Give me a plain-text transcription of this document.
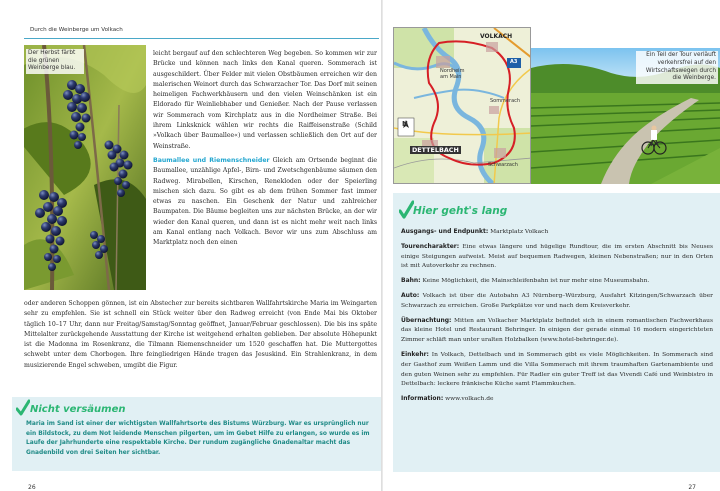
Durch die Weinberge um Volkach
Der Herbst färbt die grünen Weinberge blau.

leicht bergauf auf den schlechteren Weg begeben. So kommen wir zur Brücke und können nach links den Kanal queren. Sommerach ist ausgeschildert. Über Felder mit vielen Obstbäumen erreichen wir den malerischen Weinort durch das Schwarzacher Tor. Das Dorf mit seinen heimeligen Fachwerkhäusern und den vielen Weinschänken ist ein Eldorado für Weinliebhaber und Genießer. Nach der Pause verlassen wir Sommerach vom Kirchplatz aus in die Nordheimer Straße. Bei ihrem Linksknick wählen wir rechts die Raiffeisenstraße (Schild »Volkach über Baumallee«) und verlassen schließlich den Ort auf der Weinstraße.

Baumallee und Riemenschneider Gleich am Ortsende beginnt die Baumallee, unzählige Apfel-, Birn- und Zwetschgenbäume säumen den Radweg. Mirabellen, Kirschen, Renekloden oder der Speierling mischen sich dazu. So gibt es ab dem frühen Sommer fast immer etwas zu naschen. Ein Geschenk der Natur und zahlreicher Baumpaten. Die Bäume begleiten uns zur nächsten Brücke, an der wir wieder den Kanal queren, und dann ist es nicht mehr weit nach links am Kanal entlang nach Volkach. Bevor wir uns zum Abschluss am Marktplatz noch den einen

oder anderen Schoppen gönnen, ist ein Abstecher zur bereits sichtbaren Wallfahrtskirche Maria im Weingarten sehr zu empfehlen. Sie ist schnell ein Stück weiter über den Radweg erreicht (von Ende Mai bis Oktober täglich 10–17 Uhr, dann nur Freitag/Samstag/Sonntag geöffnet, Januar/Februar geschlossen). Die bis ins späte Mittelalter zurückgehende Ausstattung der Kirche ist weitgehend erhalten geblieben. Der absolute Höhepunkt ist die Madonna im Rosenkranz, die Tilmann Riemenschneider um 1520 geschaffen hat. Die Muttergottes schwebt unter dem Chorbogen. Ihre feingliedrigen Hände tragen das Jesuskind. Ein Strahlenkranz, in dem musizierende Engel schweben, umgibt die Figur.
Nicht versäumen
Maria im Sand ist einer der wichtigsten Wallfahrtsorte des Bistums Würzburg. War es ursprünglich nur ein Bildstock, zu dem Not leidende Menschen pilgerten, um im Gebet Hilfe zu erlangen, so wurde es im Laufe der Jahrhunderte eine respektable Kirche. Der rundum zugängliche Gnadenaltar macht das Gnadenbild von drei Seiten her sichtbar.
26
VOLKACH
Nordheim am Main
A3
Sommerach
N
DETTELBACH
Schwarzach
Ein Teil der Tour verläuft verkehrsfrei auf den Wirtschaftswegen durch die Weinberge.
Hier geht's lang

Ausgangs- und Endpunkt: Marktplatz Volkach

Tourencharakter: Eine etwas längere und hügelige Rundtour, die im ersten Abschnitt bis Neuses einige Steigungen aufweist. Meist auf bequemen Radwegen, kleinen Nebenstraßen; nur in den Orten ist mit Autoverkehr zu rechnen.

Bahn: Keine Möglichkeit, die Mainschleifenbahn ist nur mehr eine Museumsbahn.

Auto: Volkach ist über die Autobahn A3 Nürnberg–Würzburg, Ausfahrt Kitzingen/Schwarzach über Schwarzach zu erreichen. Große Parkplätze vor und nach dem Kreisverkehr.

Übernachtung: Mitten am Volkacher Marktplatz befindet sich in einem romantischen Fachwerkhaus das kleine Hotel und Restaurant Behringer. In einigen der gerade einmal 16 modern eingerichteten Zimmer schläft man unter uralten Holzbalken (www.hotel-behringer.de).

Einkehr: In Volkach, Dettelbach und in Sommerach gibt es viele Möglichkeiten. In Sommerach sind der Gasthof zum Weißen Lamm und die Villa Sommerach mit ihrem traumhaften Gartenambiente und den guten Weinen sehr zu empfehlen. Für Radler ein guter Treff ist das Vivendi Café und Weinbistro in Dettelbach: leckere fränkische Küche samt Flammkuchen.

Information: www.volkach.de

27
